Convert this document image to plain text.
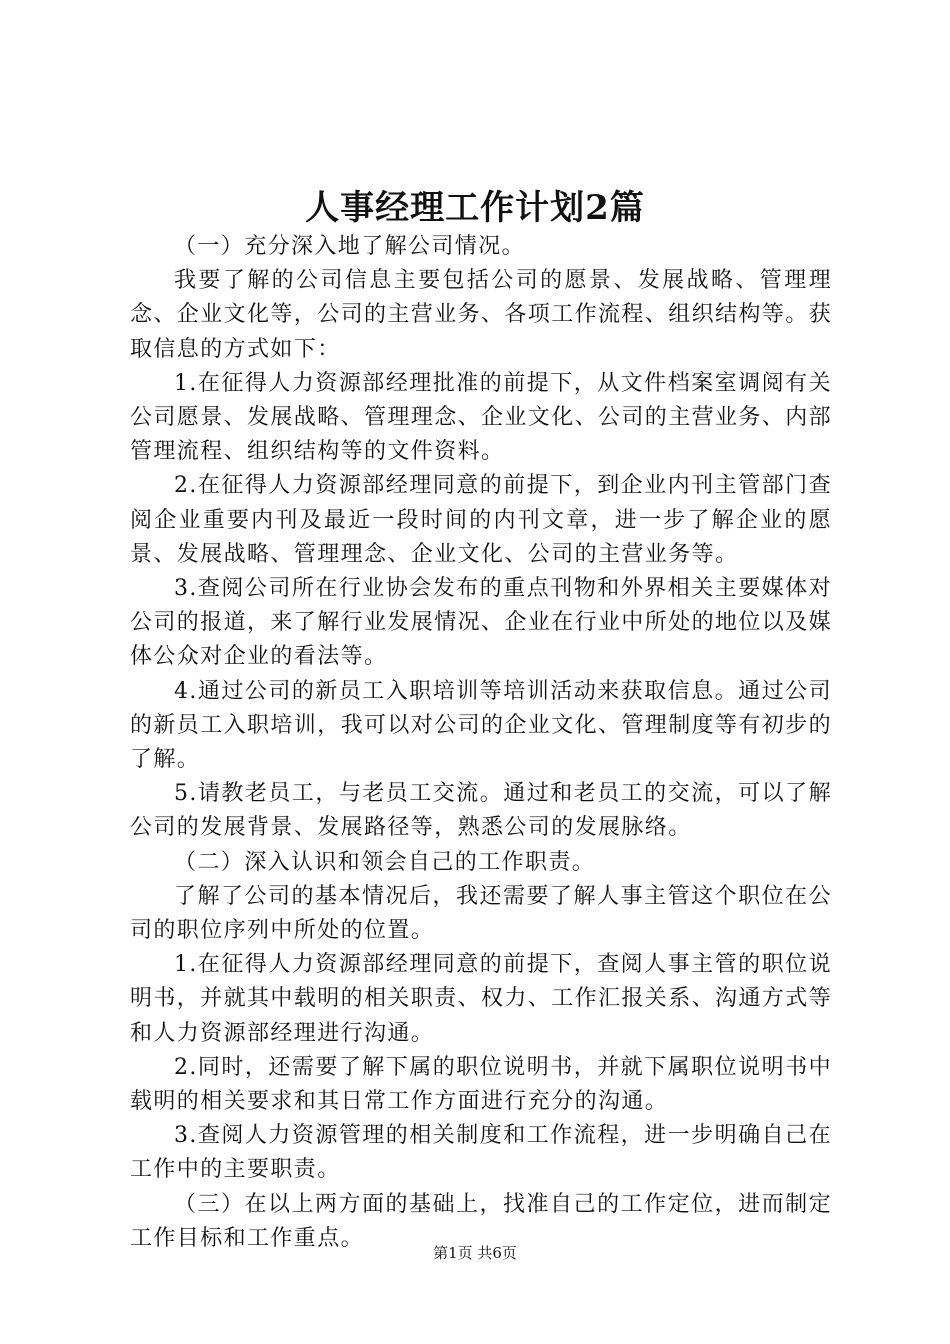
人事经理工作计划2篇

（一）充分深入地了解公司情况。

我要了解的公司信息主要包括公司的愿景、发展战略、管理理念、企业文化等，公司的主营业务、各项工作流程、组织结构等。获取信息的方式如下：

1.在征得人力资源部经理批准的前提下，从文件档案室调阅有关公司愿景、发展战略、管理理念、企业文化、公司的主营业务、内部管理流程、组织结构等的文件资料。

2.在征得人力资源部经理同意的前提下，到企业内刊主管部门查阅企业重要内刊及最近一段时间的内刊文章，进一步了解企业的愿景、发展战略、管理理念、企业文化、公司的主营业务等。

3.查阅公司所在行业协会发布的重点刊物和外界相关主要媒体对公司的报道，来了解行业发展情况、企业在行业中所处的地位以及媒体公众对企业的看法等。

4.通过公司的新员工入职培训等培训活动来获取信息。通过公司的新员工入职培训，我可以对公司的企业文化、管理制度等有初步的了解。

5.请教老员工，与老员工交流。通过和老员工的交流，可以了解公司的发展背景、发展路径等，熟悉公司的发展脉络。

（二）深入认识和领会自己的工作职责。

了解了公司的基本情况后，我还需要了解人事主管这个职位在公司的职位序列中所处的位置。

1.在征得人力资源部经理同意的前提下，查阅人事主管的职位说明书，并就其中载明的相关职责、权力、工作汇报关系、沟通方式等和人力资源部经理进行沟通。

2.同时，还需要了解下属的职位说明书，并就下属职位说明书中载明的相关要求和其日常工作方面进行充分的沟通。

3.查阅人力资源管理的相关制度和工作流程，进一步明确自己在工作中的主要职责。

（三）在以上两方面的基础上，找准自己的工作定位，进而制定工作目标和工作重点。

第1页 共6页
